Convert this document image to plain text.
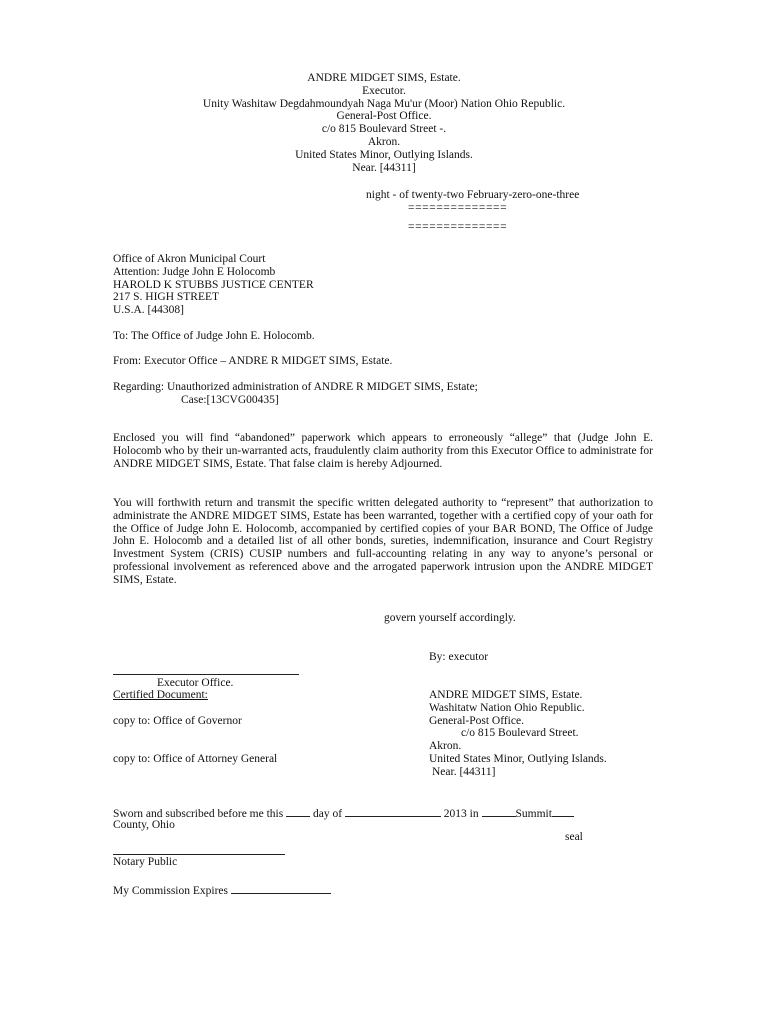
ANDRE MIDGET SIMS, Estate.
Executor.
Unity Washitaw Degdahmoundyah Naga Mu'ur (Moor) Nation Ohio Republic.
General-Post Office.
c/o 815 Boulevard Street -.
Akron.
United States Minor, Outlying Islands.
Near. [44311]
night - of twenty-two February-zero-one-three
==============
==============
Office of Akron Municipal Court
Attention: Judge John E Holocomb
HAROLD K STUBBS JUSTICE CENTER
217 S. HIGH STREET
U.S.A. [44308]
To: The Office of Judge John E. Holocomb.
From: Executor Office – ANDRE R MIDGET SIMS, Estate.
Regarding: Unauthorized administration of ANDRE R MIDGET SIMS, Estate;
Case:[13CVG00435]

Enclosed you will find “abandoned” paperwork which appears to erroneously “allege” that (Judge John E. Holocomb who by their un-warranted acts, fraudulently claim authority from this Executor Office to administrate for ANDRE MIDGET SIMS, Estate. That false claim is hereby Adjourned.

You will forthwith return and transmit the specific written delegated authority to “represent” that authorization to administrate the ANDRE MIDGET SIMS, Estate has been warranted, together with a certified copy of your oath for the Office of Judge John E. Holocomb, accompanied by certified copies of your BAR BOND, The Office of Judge John E. Holocomb and a detailed list of all other bonds, sureties, indemnification, insurance and Court Registry Investment System (CRIS) CUSIP numbers and full-accounting relating in any way to anyone’s personal or professional involvement as referenced above and the arrogated paperwork intrusion upon the ANDRE MIDGET SIMS, Estate.

govern yourself accordingly.
By: executor
Executor Office.
Certified Document:
copy to: Office of Governor
copy to: Office of Attorney General
ANDRE MIDGET SIMS, Estate.
Washitatw Nation Ohio Republic.
General-Post Office.
c/o 815 Boulevard Street.
Akron.
United States Minor, Outlying Islands.
Near. [44311]
Sworn and subscribed before me this	day of	2013 in	Summit
County, Ohio
seal
Notary Public
My Commission Expires
